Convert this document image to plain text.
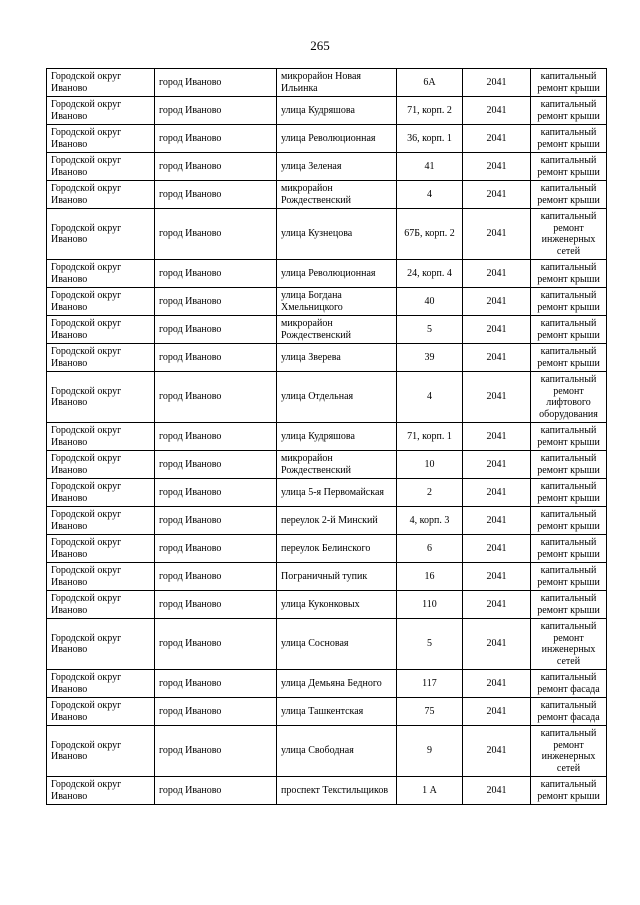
265
Городской округ Иваново	город Иваново	микрорайон Новая Ильинка	6А	2041	капитальный ремонт крыши
Городской округ Иваново	город Иваново	улица Кудряшова	71, корп. 2	2041	капитальный ремонт крыши
Городской округ Иваново	город Иваново	улица Революционная	36, корп. 1	2041	капитальный ремонт крыши
Городской округ Иваново	город Иваново	улица Зеленая	41	2041	капитальный ремонт крыши
Городской округ Иваново	город Иваново	микрорайон Рождественский	4	2041	капитальный ремонт крыши
Городской округ Иваново	город Иваново	улица Кузнецова	67Б, корп. 2	2041	капитальный ремонт инженерных сетей
Городской округ Иваново	город Иваново	улица Революционная	24, корп. 4	2041	капитальный ремонт крыши
Городской округ Иваново	город Иваново	улица Богдана Хмельницкого	40	2041	капитальный ремонт крыши
Городской округ Иваново	город Иваново	микрорайон Рождественский	5	2041	капитальный ремонт крыши
Городской округ Иваново	город Иваново	улица Зверева	39	2041	капитальный ремонт крыши
Городской округ Иваново	город Иваново	улица Отдельная	4	2041	капитальный ремонт лифтового оборудования
Городской округ Иваново	город Иваново	улица Кудряшова	71, корп. 1	2041	капитальный ремонт крыши
Городской округ Иваново	город Иваново	микрорайон Рождественский	10	2041	капитальный ремонт крыши
Городской округ Иваново	город Иваново	улица 5-я Первомайская	2	2041	капитальный ремонт крыши
Городской округ Иваново	город Иваново	переулок 2-й Минский	4, корп. 3	2041	капитальный ремонт крыши
Городской округ Иваново	город Иваново	переулок Белинского	6	2041	капитальный ремонт крыши
Городской округ Иваново	город Иваново	Пограничный тупик	16	2041	капитальный ремонт крыши
Городской округ Иваново	город Иваново	улица Куконковых	110	2041	капитальный ремонт крыши
Городской округ Иваново	город Иваново	улица Сосновая	5	2041	капитальный ремонт инженерных сетей
Городской округ Иваново	город Иваново	улица Демьяна Бедного	117	2041	капитальный ремонт фасада
Городской округ Иваново	город Иваново	улица Ташкентская	75	2041	капитальный ремонт фасада
Городской округ Иваново	город Иваново	улица Свободная	9	2041	капитальный ремонт инженерных сетей
Городской округ Иваново	город Иваново	проспект Текстильщиков	1 А	2041	капитальный ремонт крыши
